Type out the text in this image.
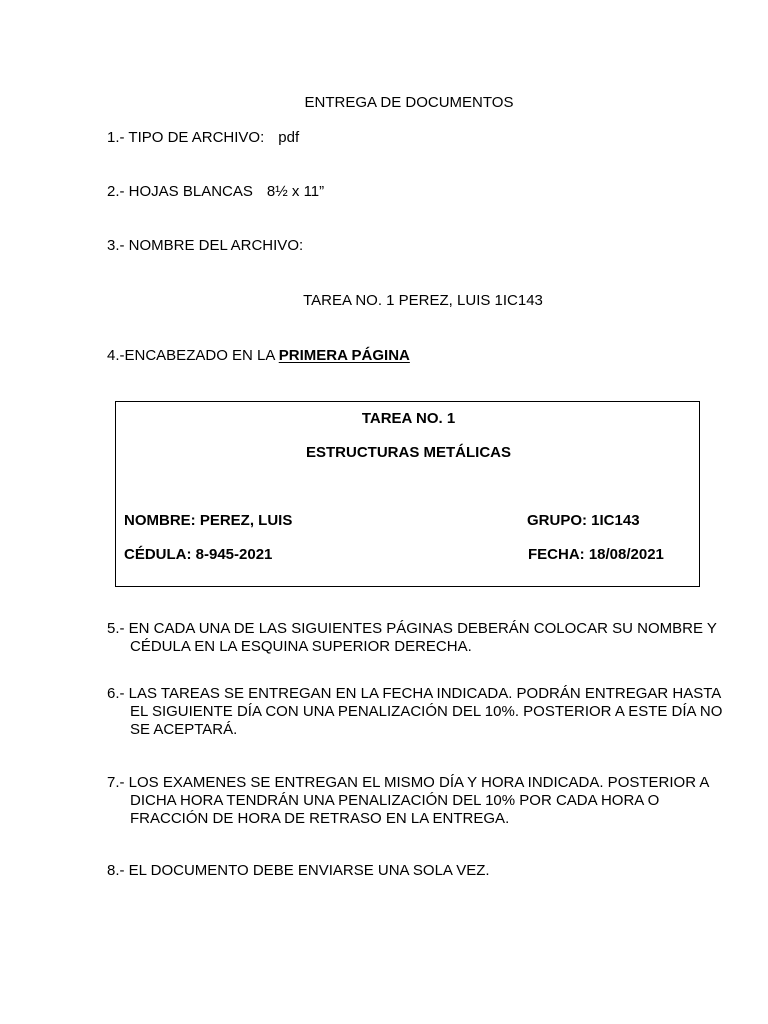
ENTREGA DE DOCUMENTOS
1.- TIPO DE ARCHIVO: pdf
2.- HOJAS BLANCAS 8½ x 11”
3.- NOMBRE DEL ARCHIVO:
TAREA NO. 1 PEREZ, LUIS 1IC143
4.-ENCABEZADO EN LA PRIMERA PÁGINA
TAREA NO. 1
ESTRUCTURAS METÁLICAS
NOMBRE: PEREZ, LUIS	GRUPO: 1IC143
CÉDULA: 8-945-2021	FECHA: 18/08/2021
5.- EN CADA UNA DE LAS SIGUIENTES PÁGINAS DEBERÁN COLOCAR SU NOMBRE Y
CÉDULA EN LA ESQUINA SUPERIOR DERECHA.
6.- LAS TAREAS SE ENTREGAN EN LA FECHA INDICADA. PODRÁN ENTREGAR HASTA
EL SIGUIENTE DÍA CON UNA PENALIZACIÓN DEL 10%. POSTERIOR A ESTE DÍA NO
SE ACEPTARÁ.
7.- LOS EXAMENES SE ENTREGAN EL MISMO DÍA Y HORA INDICADA. POSTERIOR A
DICHA HORA TENDRÁN UNA PENALIZACIÓN DEL 10% POR CADA HORA O
FRACCIÓN DE HORA DE RETRASO EN LA ENTREGA.
8.- EL DOCUMENTO DEBE ENVIARSE UNA SOLA VEZ.
